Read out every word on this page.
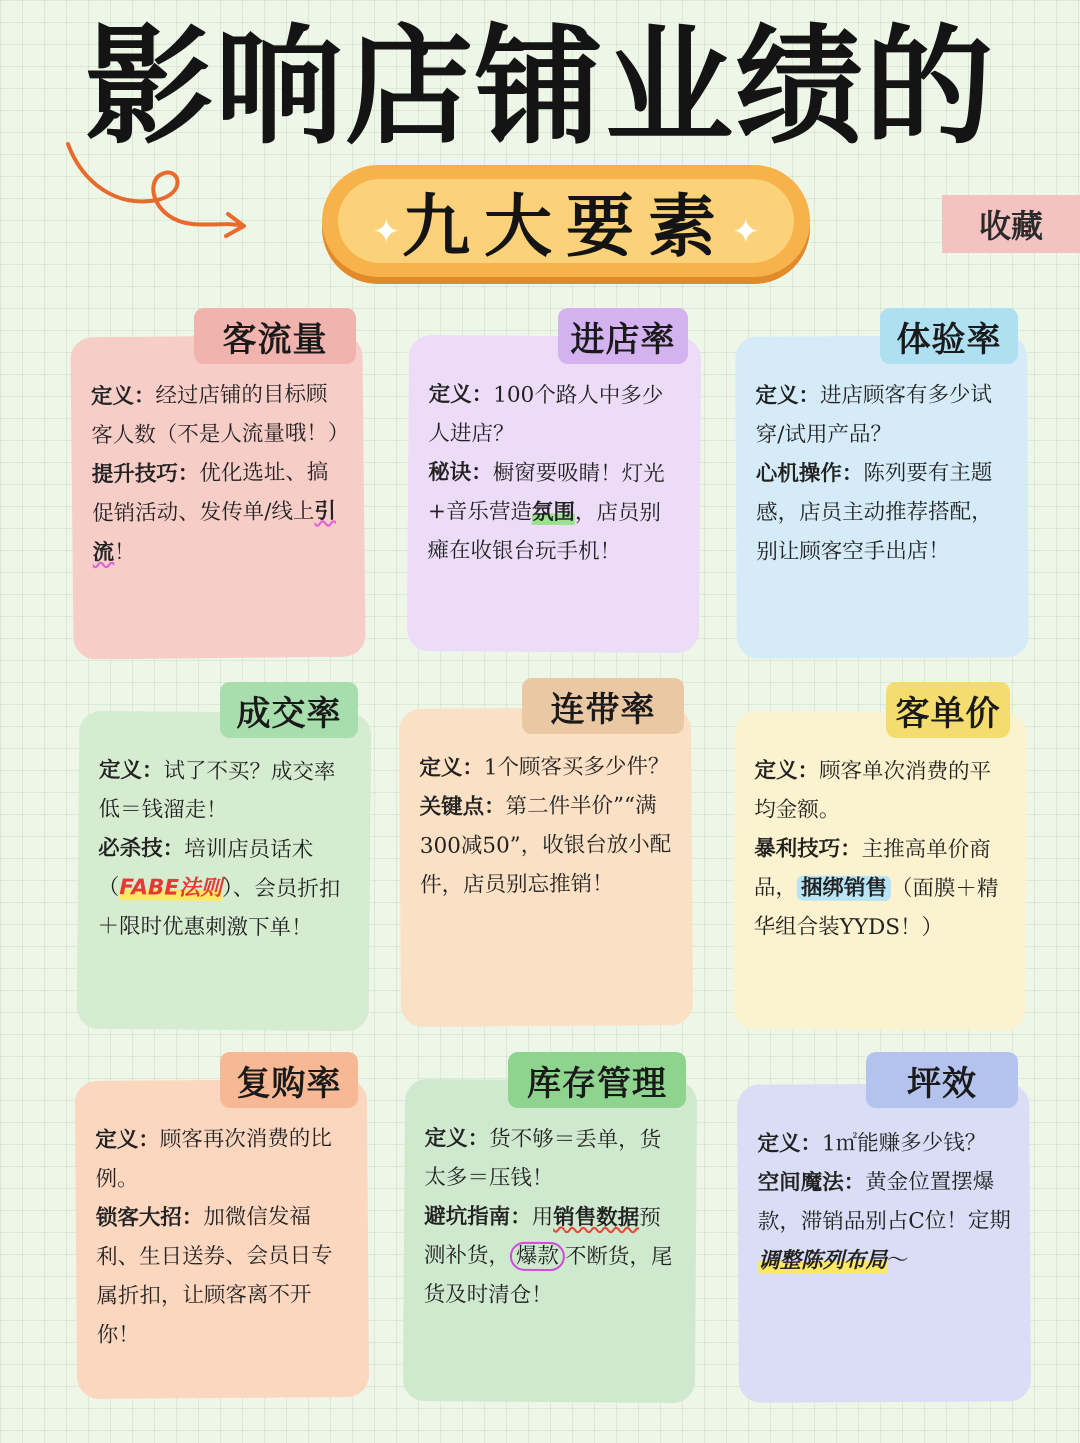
影响店铺业绩的
✦ 九大要素 ✦	收藏

定义：经过店铺的目标顾客人数（不是人流量哦！）

提升技巧：优化选址、搞促销活动、发传单/线上引流！

客流量

定义：100个路人中多少人进店？

秘诀：橱窗要吸睛！灯光+音乐营造氛围，店员别瘫在收银台玩手机！

进店率

定义：进店顾客有多少试穿/试用产品？

心机操作：陈列要有主题感，店员主动推荐搭配，别让顾客空手出店！

体验率

定义：试了不买？成交率低＝钱溜走！

必杀技：培训店员话术（FABE法则）、会员折扣＋限时优惠刺激下单！

成交率

定义：1个顾客买多少件？

关键点：第二件半价”“满300减50”，收银台放小配件，店员别忘推销！

连带率

定义：顾客单次消费的平均金额。

暴利技巧：主推高单价商品， 捆绑销售 （面膜＋精华组合装YYDS！）

客单价

定义：顾客再次消费的比例。

锁客大招：加微信发福利、生日送券、会员日专属折扣，让顾客离不开你！

复购率

定义：货不够＝丢单，货太多＝压钱！

避坑指南：用销售数据预测补货， 爆款 不断货，尾货及时清仓！

库存管理

定义：1㎡能赚多少钱？

空间魔法：黄金位置摆爆款，滞销品别占C位！定期调整陈列布局～

坪效
